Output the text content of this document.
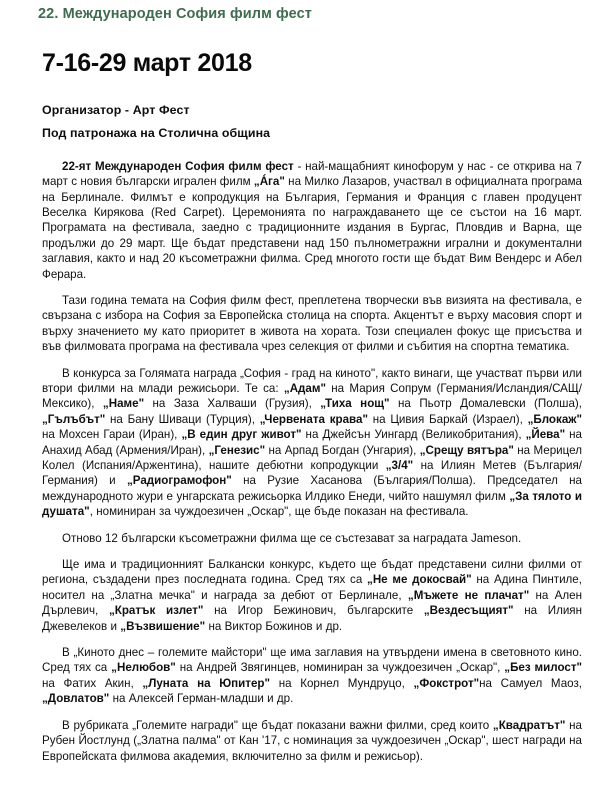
22. Международен София филм фест
7-16-29 март 2018
Организатор - Арт Фест
Под патронажа на Столична община

22-ят Международен София филм фест - най-мащабният кинофорум у нас - се открива на 7 март с новия български игрален филм „Áга" на Милко Лазаров, участвал в официалната програма на Берлинале. Филмът е копродукция на България, Германия и Франция с главен продуцент Веселка Кирякова (Red Carpet). Церемонията по награждаването ще се състои на 16 март. Програмата на фестивала, заедно с традиционните издания в Бургас, Пловдив и Варна, ще продължи до 29 март. Ще бъдат представени над 150 пълнометражни игрални и документални заглавия, както и над 20 късометражни филма. Сред многото гости ще бъдат Вим Вендерс и Абел Ферара.

Тази година темата на София филм фест, преплетена творчески във визията на фестивала, е свързана с избора на София за Европейска столица на спорта. Акцентът е върху масовия спорт и върху значението му като приоритет в живота на хората. Този специален фокус ще присъства и във филмовата програма на фестивала чрез селекция от филми и събития на спортна тематика.

В конкурса за Голямата награда „София - град на киното", както винаги, ще участват първи или втори филми на млади режисьори. Те са: „Адам" на Мария Сопрум (Германия/Исландия/САЩ/Мексико), „Наме" на Заза Халваши (Грузия), „Тиха нощ" на Пьотр Домалевски (Полша), „Гълъбът" на Бану Шиваци (Турция), „Червената крава" на Цивия Баркай (Израел), „Блокаж" на Мохсен Гараи (Иран), „В един друг живот" на Джейсън Уингард (Великобритания), „Йева" на Анахид Абад (Армения/Иран), „Генезис" на Арпад Богдан (Унгария), „Срещу вятъра" на Мерицел Колел (Испания/Аржентина), нашите дебютни копродукции „3/4" на Илиян Метев (България/Германия) и „Радиограмофон" на Рузие Хасанова (България/Полша). Председател на международното жури е унгарската режисьорка Илдико Енеди, чийто нашумял филм „За тялото и душата", номиниран за чуждоезичен „Оскар", ще бъде показан на фестивала.

Отново 12 български късометражни филма ще се състезават за наградата Jameson.

Ще има и традиционният Балкански конкурс, където ще бъдат представени силни филми от региона, създадени през последната година. Сред тях са „Не ме докосвай" на Адина Пинтиле, носител на „Златна мечка" и награда за дебют от Берлинале, „Мъжете не плачат" на Ален Дърлевич, „Кратък излет" на Игор Бежинович, българските „Вездесъщият" на Илиян Джевелеков и „Възвишение" на Виктор Божинов и др.

В „Киното днес – големите майстори" ще има заглавия на утвърдени имена в световното кино. Сред тях са „Нелюбов" на Андрей Звягинцев, номиниран за чуждоезичен „Оскар", „Без милост" на Фатих Акин, „Луната на Юпитер" на Корнел Мундруцо, „Фокстрот"на Самуел Маоз, „Довлатов" на Алексей Герман-младши и др.

В рубриката „Големите награди" ще бъдат показани важни филми, сред които „Квадратът" на Рубен Йостлунд („Златна палма" от Кан '17, с номинация за чуждоезичен „Оскар", шест награди на Европейската филмова академия, включително за филм и режисьор).
